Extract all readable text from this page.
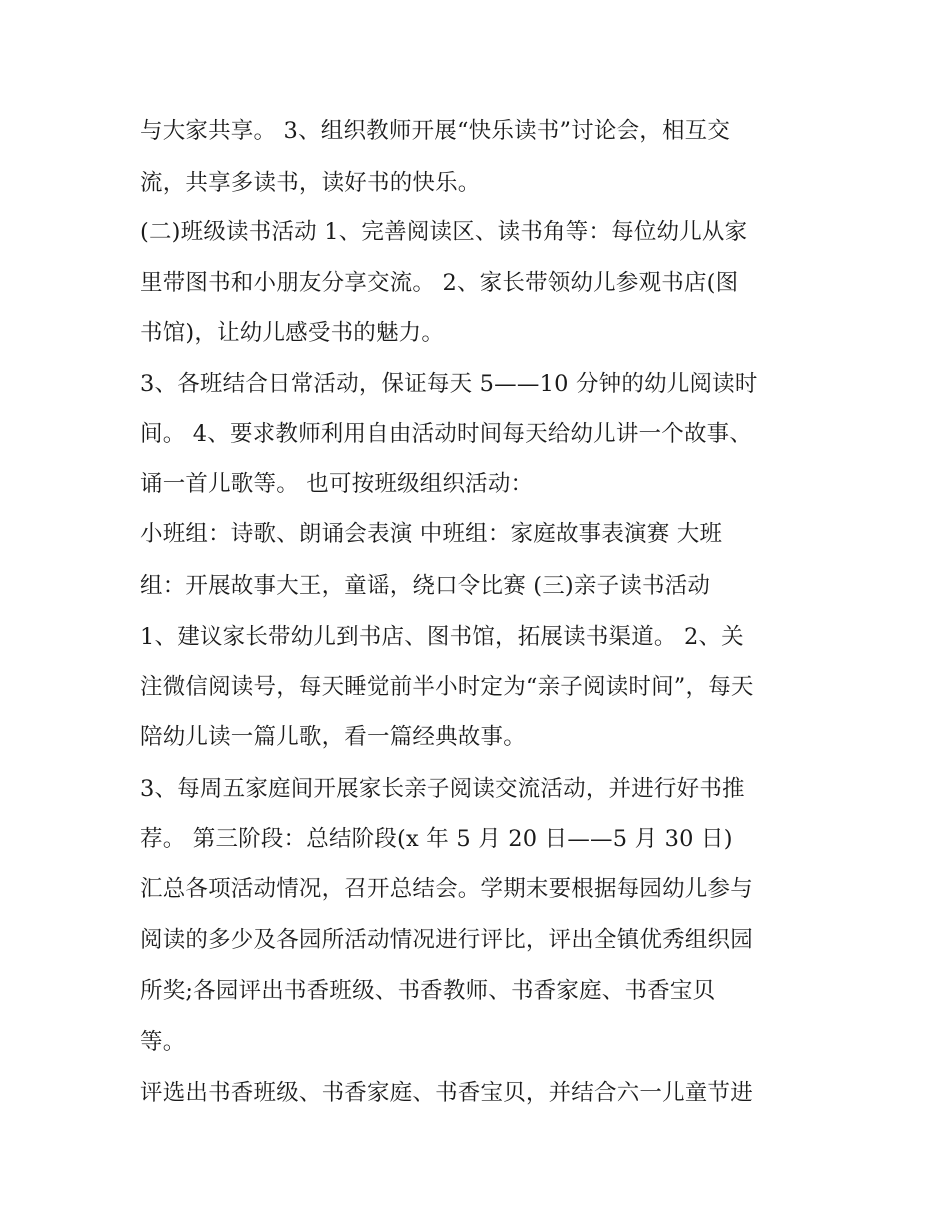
与大家共享。 3、组织教师开展“快乐读书”讨论会，相互交
流，共享多读书，读好书的快乐。
(二)班级读书活动 1、完善阅读区、读书角等：每位幼儿从家
里带图书和小朋友分享交流。 2、家长带领幼儿参观书店(图
书馆)，让幼儿感受书的魅力。
3、各班结合日常活动，保证每天 5——10 分钟的幼儿阅读时
间。 4、要求教师利用自由活动时间每天给幼儿讲一个故事、
诵一首儿歌等。 也可按班级组织活动：
小班组：诗歌、朗诵会表演 中班组：家庭故事表演赛 大班
组：开展故事大王，童谣，绕口令比赛 (三)亲子读书活动
1、建议家长带幼儿到书店、图书馆，拓展读书渠道。 2、关
注微信阅读号，每天睡觉前半小时定为“亲子阅读时间”，每天
陪幼儿读一篇儿歌，看一篇经典故事。
3、每周五家庭间开展家长亲子阅读交流活动，并进行好书推
荐。 第三阶段：总结阶段(x 年 5 月 20 日——5 月 30 日)
汇总各项活动情况，召开总结会。学期末要根据每园幼儿参与
阅读的多少及各园所活动情况进行评比，评出全镇优秀组织园
所奖;各园评出书香班级、书香教师、书香家庭、书香宝贝
等。
评选出书香班级、书香家庭、书香宝贝，并结合六一儿童节进
